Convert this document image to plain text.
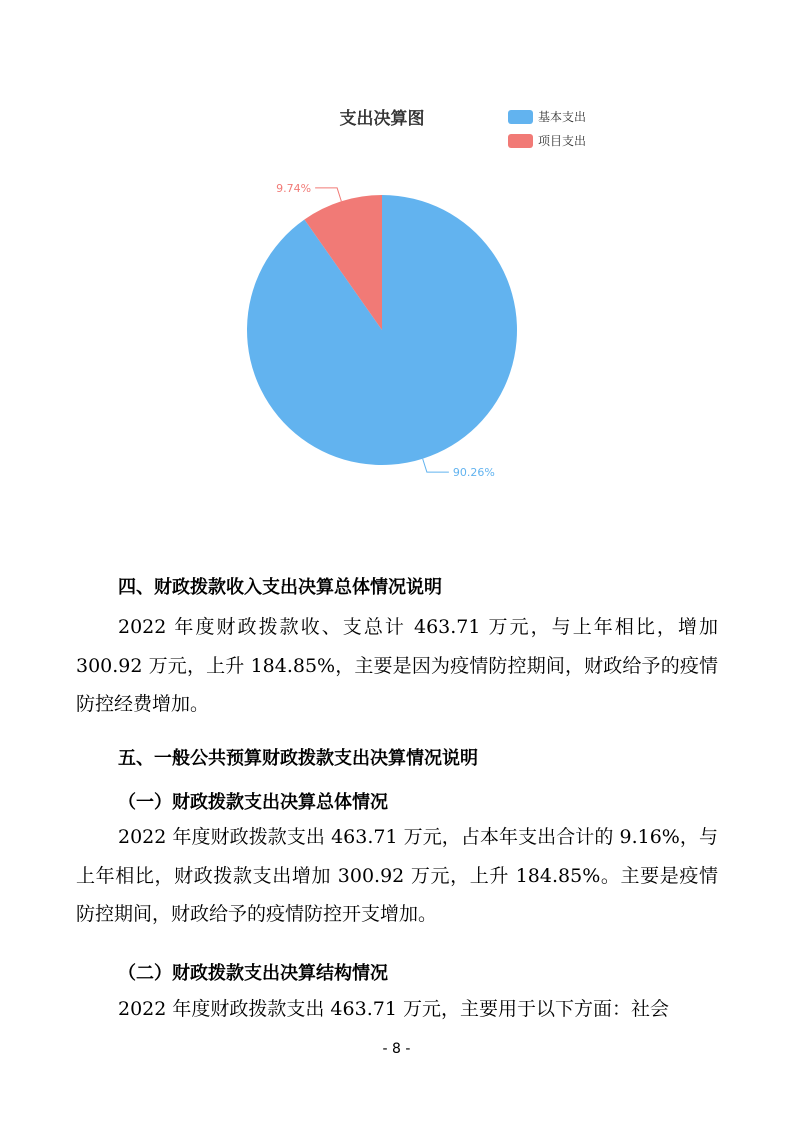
支出决算图	基本支出
项目支出
90.26%
9.74%
四、财政拨款收入支出决算总体情况说明
2022 年度财政拨款收、支总计 463.71 万元，与上年相比，增加 300.92 万元，上升 184.85%，主要是因为疫情防控期间，财政给予的疫情防控经费增加。
五、一般公共预算财政拨款支出决算情况说明
（一）财政拨款支出决算总体情况
2022 年度财政拨款支出 463.71 万元，占本年支出合计的 9.16%，与上年相比，财政拨款支出增加 300.92 万元，上升 184.85%。主要是疫情防控期间，财政给予的疫情防控开支增加。
（二）财政拨款支出决算结构情况
2022 年度财政拨款支出 463.71 万元，主要用于以下方面：社会
- 8 -
